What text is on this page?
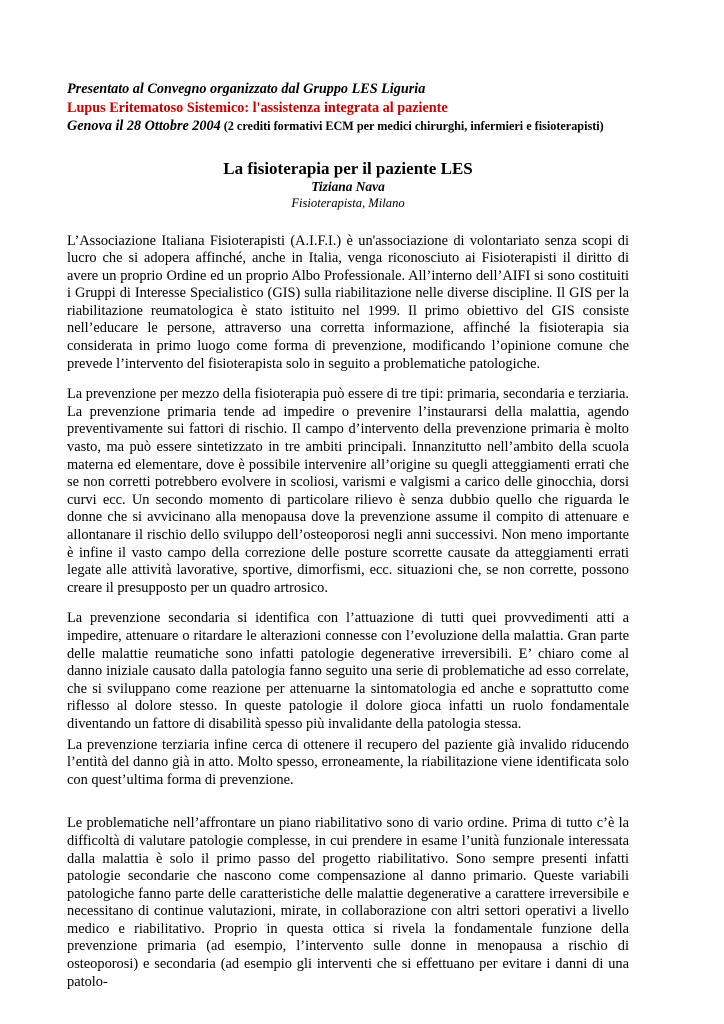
Presentato al Convegno organizzato dal Gruppo LES Liguria
Lupus Eritematoso Sistemico: l'assistenza integrata al paziente
Genova il 28 Ottobre 2004 (2 crediti formativi ECM per medici chirurghi, infermieri e fisioterapisti)
La fisioterapia per il paziente LES
Tiziana Nava
Fisioterapista, Milano

L’Associazione Italiana Fisioterapisti (A.I.F.I.) è un'associazione di volontariato senza scopi di lucro che si adopera affinché, anche in Italia, venga riconosciuto ai Fisioterapisti il diritto di avere un proprio Ordine ed un proprio Albo Professionale. All’interno dell’AIFI si sono costituiti i Gruppi di Interesse Specialistico (GIS) sulla riabilitazione nelle diverse discipline. Il GIS per la riabilitazione reumatologica è stato istituito nel 1999. Il primo obiettivo del GIS consiste nell’educare le persone, attraverso una corretta informazione, affinché la fisioterapia sia considerata in primo luogo come forma di prevenzione, modificando l’opinione comune che prevede l’intervento del fisioterapista solo in seguito a problematiche patologiche.

La prevenzione per mezzo della fisioterapia può essere di tre tipi: primaria, secondaria e terziaria. La prevenzione primaria tende ad impedire o prevenire l’instaurarsi della malattia, agendo preventivamente sui fattori di rischio. Il campo d’intervento della prevenzione primaria è molto vasto, ma può essere sintetizzato in tre ambiti principali. Innanzitutto nell’ambito della scuola materna ed elementare, dove è possibile intervenire all’origine su quegli atteggiamenti errati che se non corretti potrebbero evolvere in scoliosi, varismi e valgismi a carico delle ginocchia, dorsi curvi ecc. Un secondo momento di particolare rilievo è senza dubbio quello che riguarda le donne che si avvicinano alla menopausa dove la prevenzione assume il compito di attenuare e allontanare il rischio dello sviluppo dell’osteoporosi negli anni successivi. Non meno importante è infine il vasto campo della correzione delle posture scorrette causate da atteggiamenti errati legate alle attività lavorative, sportive, dimorfismi, ecc. situazioni che, se non corrette, possono creare il presupposto per un quadro artrosico.

La prevenzione secondaria si identifica con l’attuazione di tutti quei provvedimenti atti a impedire, attenuare o ritardare le alterazioni connesse con l’evoluzione della malattia. Gran parte delle malattie reumatiche sono infatti patologie degenerative irreversibili. E’ chiaro come al danno iniziale causato dalla patologia fanno seguito una serie di problematiche ad esso correlate, che si sviluppano come reazione per attenuarne la sintomatologia ed anche e soprattutto come riflesso al dolore stesso. In queste patologie il dolore gioca infatti un ruolo fondamentale diventando un fattore di disabilità spesso più invalidante della patologia stessa.

La prevenzione terziaria infine cerca di ottenere il recupero del paziente già invalido riducendo l’entità del danno già in atto. Molto spesso, erroneamente, la riabilitazione viene identificata solo con quest’ultima forma di prevenzione.

Le problematiche nell’affrontare un piano riabilitativo sono di vario ordine. Prima di tutto c’è la difficoltà di valutare patologie complesse, in cui prendere in esame l’unità funzionale interessata dalla malattia è solo il primo passo del progetto riabilitativo. Sono sempre presenti infatti patologie secondarie che nascono come compensazione al danno primario. Queste variabili patologiche fanno parte delle caratteristiche delle malattie degenerative a carattere irreversibile e necessitano di continue valutazioni, mirate, in collaborazione con altri settori operativi a livello medico e riabilitativo. Proprio in questa ottica si rivela la fondamentale funzione della prevenzione primaria (ad esempio, l’intervento sulle donne in menopausa a rischio di osteoporosi) e secondaria (ad esempio gli interventi che si effettuano per evitare i danni di una patolo-
